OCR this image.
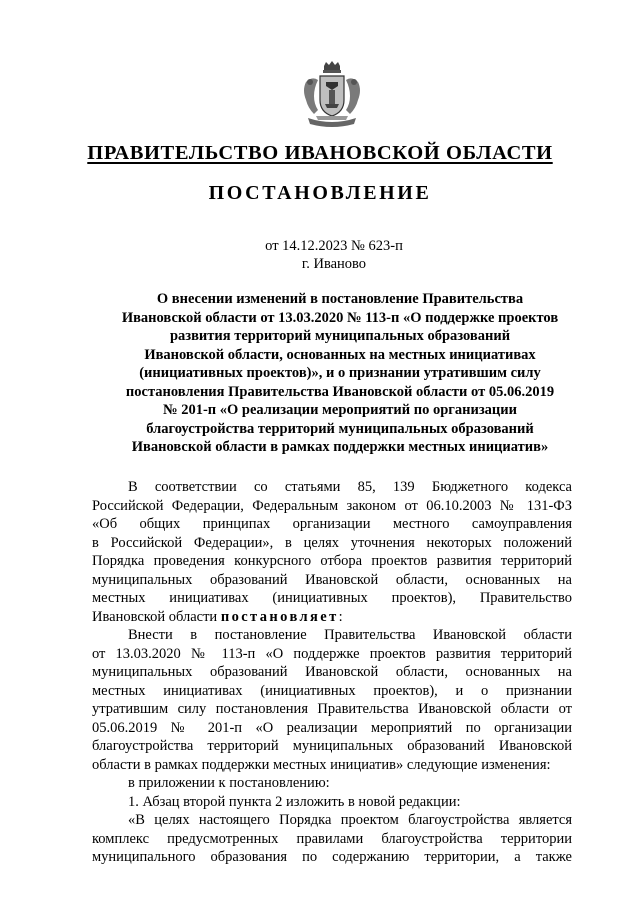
ПРАВИТЕЛЬСТВО ИВАНОВСКОЙ ОБЛАСТИ
ПОСТАНОВЛЕНИЕ
от 14.12.2023 № 623-п
г. Иваново
О внесении изменений в постановление Правительства
Ивановской области от 13.03.2020 № 113-п «О поддержке проектов
развития территорий муниципальных образований
Ивановской области, основанных на местных инициативах
(инициативных проектов)», и о признании утратившим силу
постановления Правительства Ивановской области от 05.06.2019
№ 201-п «О реализации мероприятий по организации
благоустройства территорий муниципальных образований
Ивановской области в рамках поддержки местных инициатив»
В соответствии со статьями 85, 139 Бюджетного кодекса
Российской Федерации, Федеральным законом от 06.10.2003 № 131-ФЗ
«Об общих принципах организации местного самоуправления
в Российской Федерации», в целях уточнения некоторых положений
Порядка проведения конкурсного отбора проектов развития территорий
муниципальных образований Ивановской области, основанных на
местных инициативах (инициативных проектов), Правительство
Ивановской области постановляет:
Внести в постановление Правительства Ивановской области
от 13.03.2020 № 113-п «О поддержке проектов развития территорий
муниципальных образований Ивановской области, основанных на
местных инициативах (инициативных проектов), и о признании
утратившим силу постановления Правительства Ивановской области от
05.06.2019 № 201-п «О реализации мероприятий по организации
благоустройства территорий муниципальных образований Ивановской
области в рамках поддержки местных инициатив» следующие изменения:
в приложении к постановлению:
1. Абзац второй пункта 2 изложить в новой редакции:
«В целях настоящего Порядка проектом благоустройства является
комплекс предусмотренных правилами благоустройства территории
муниципального образования по содержанию территории, а также
